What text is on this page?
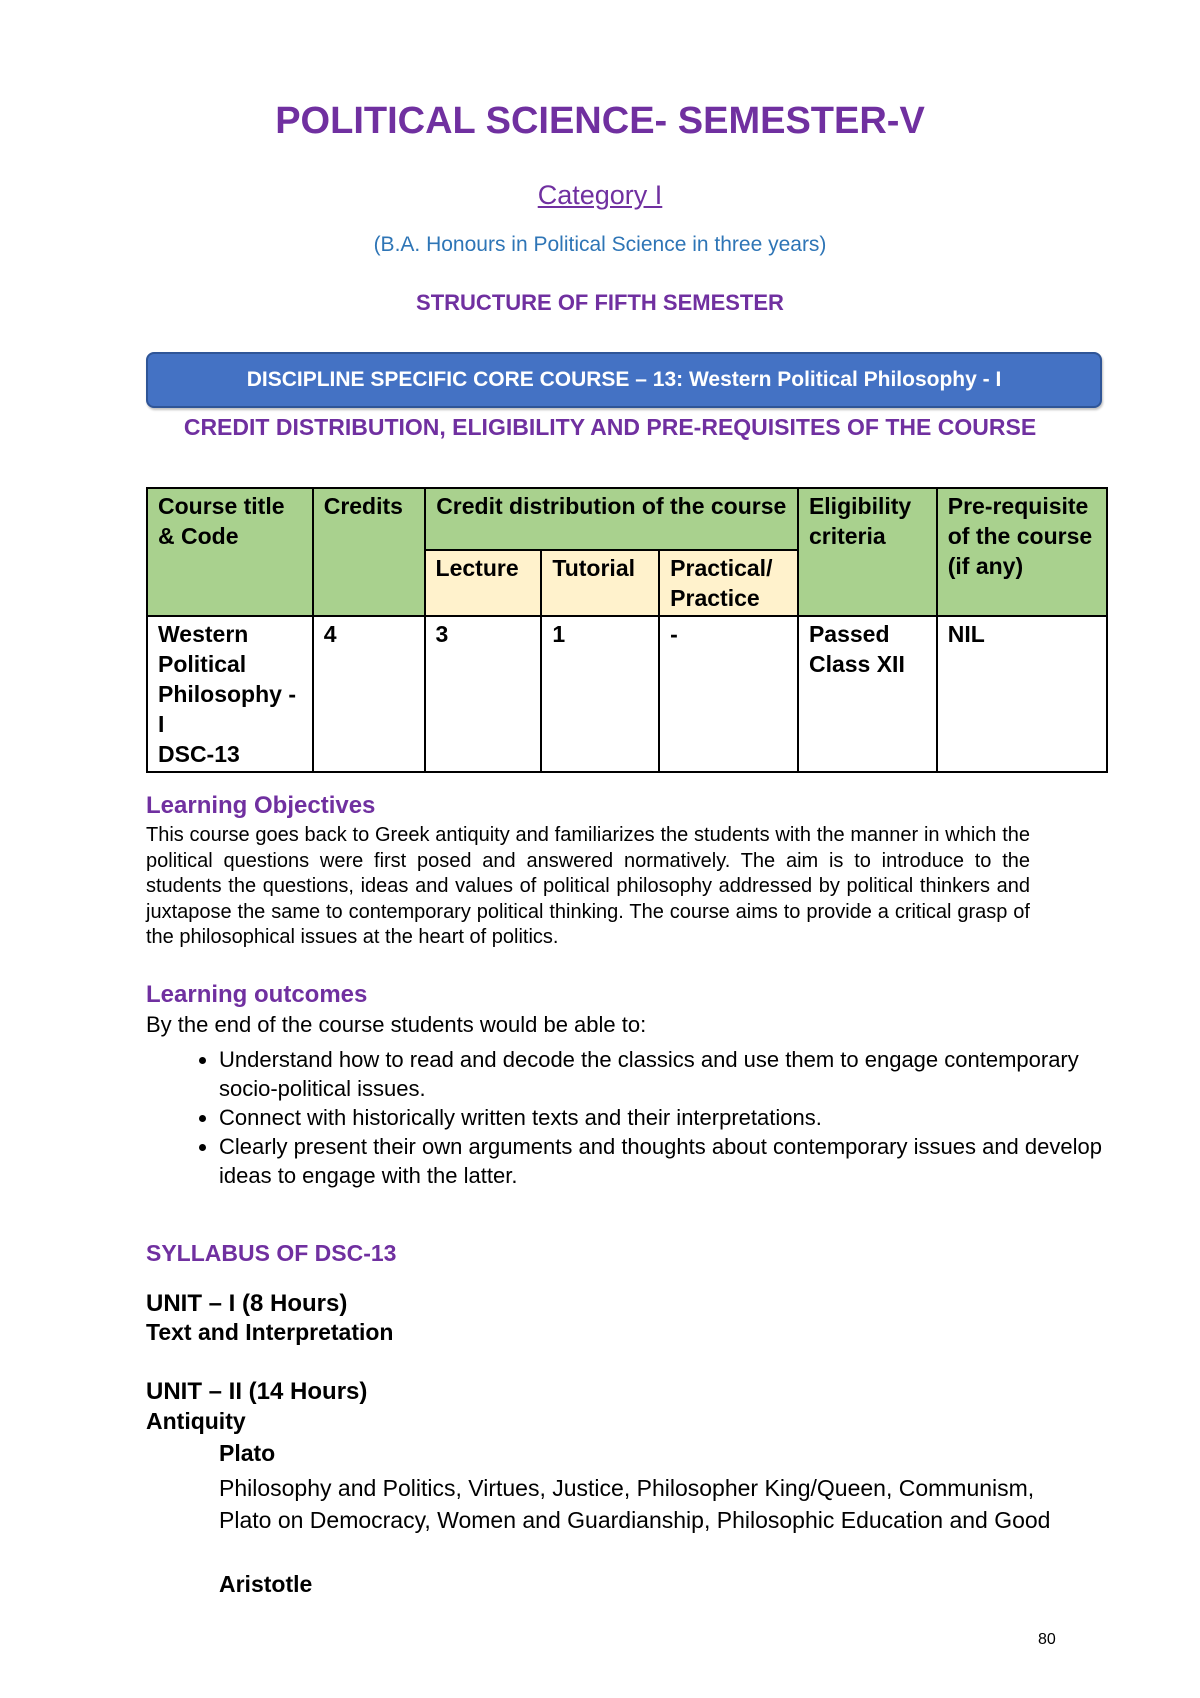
POLITICAL SCIENCE- SEMESTER-V
Category I
(B.A. Honours in Political Science in three years)
STRUCTURE OF FIFTH SEMESTER
DISCIPLINE SPECIFIC CORE COURSE – 13: Western Political Philosophy - I
CREDIT DISTRIBUTION, ELIGIBILITY AND PRE-REQUISITES OF THE COURSE
Course title & Code	Credits	Credit distribution of the course			Eligibility criteria	Pre-requisite of the course (if any)
		Lecture	Tutorial	Practical/ Practice		

Western Political Philosophy - I
DSC-13	4	3	1	-	Passed Class XII	NIL
Learning Objectives
This course goes back to Greek antiquity and familiarizes the students with the manner in which the political questions were first posed and answered normatively. The aim is to introduce to the students the questions, ideas and values of political philosophy addressed by political thinkers and juxtapose the same to contemporary political thinking. The course aims to provide a critical grasp of the philosophical issues at the heart of politics.
Learning outcomes
By the end of the course students would be able to:
• Understand how to read and decode the classics and use them to engage contemporary socio-political issues.
• Connect with historically written texts and their interpretations.
• Clearly present their own arguments and thoughts about contemporary issues and develop ideas to engage with the latter.
SYLLABUS OF DSC-13
UNIT – I (8 Hours)
Text and Interpretation
UNIT – II (14 Hours)
Antiquity
Plato
Philosophy and Politics, Virtues, Justice, Philosopher King/Queen, Communism, Plato on Democracy, Women and Guardianship, Philosophic Education and Good
Aristotle
80
